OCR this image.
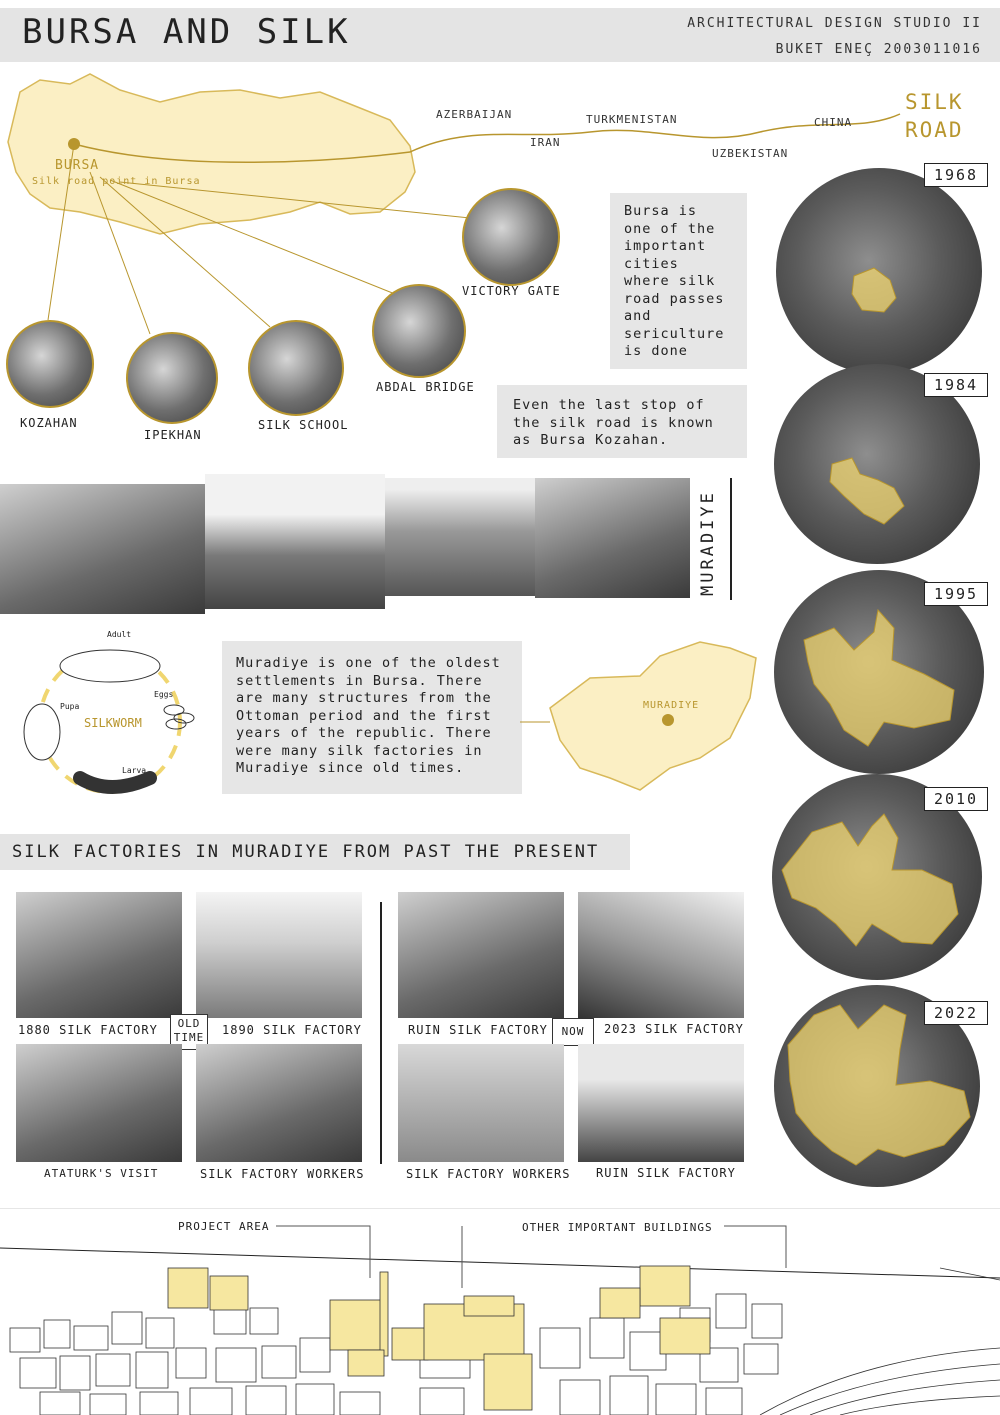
BURSA AND SILK	ARCHITECTURAL DESIGN STUDIO II
BUKET ENEÇ 2003011016
AZERBAIJAN
IRAN
TURKMENISTAN
UZBEKISTAN
CHINA
SILK
ROAD
BURSA
Silk road point in Bursa
KOZAHAN
IPEKHAN
SILK SCHOOL
ABDAL BRIDGE
VICTORY GATE
Bursa is one of the important cities where silk road passes and sericulture is done
Even the last stop of the silk road is known as Bursa Kozahan.
1968
1984
1995
2010
2022
MURADIYE
Adult
Eggs
Larva
Pupa
SILKWORM
Muradiye is one of the oldest settlements in Bursa. There are many structures from the Ottoman period and the first years of the republic. There were many silk factories in Muradiye since old times.
MURADIYE
SILK FACTORIES IN MURADIYE FROM PAST THE PRESENT
1880 SILK FACTORY	1890 SILK FACTORY
OLD TIME
ATATURK'S VISIT	SILK FACTORY WORKERS
RUIN SILK FACTORY	NOW	2023 SILK FACTORY
SILK FACTORY WORKERS RUIN SILK FACTORY
PROJECT AREA	OTHER IMPORTANT BUILDINGS
